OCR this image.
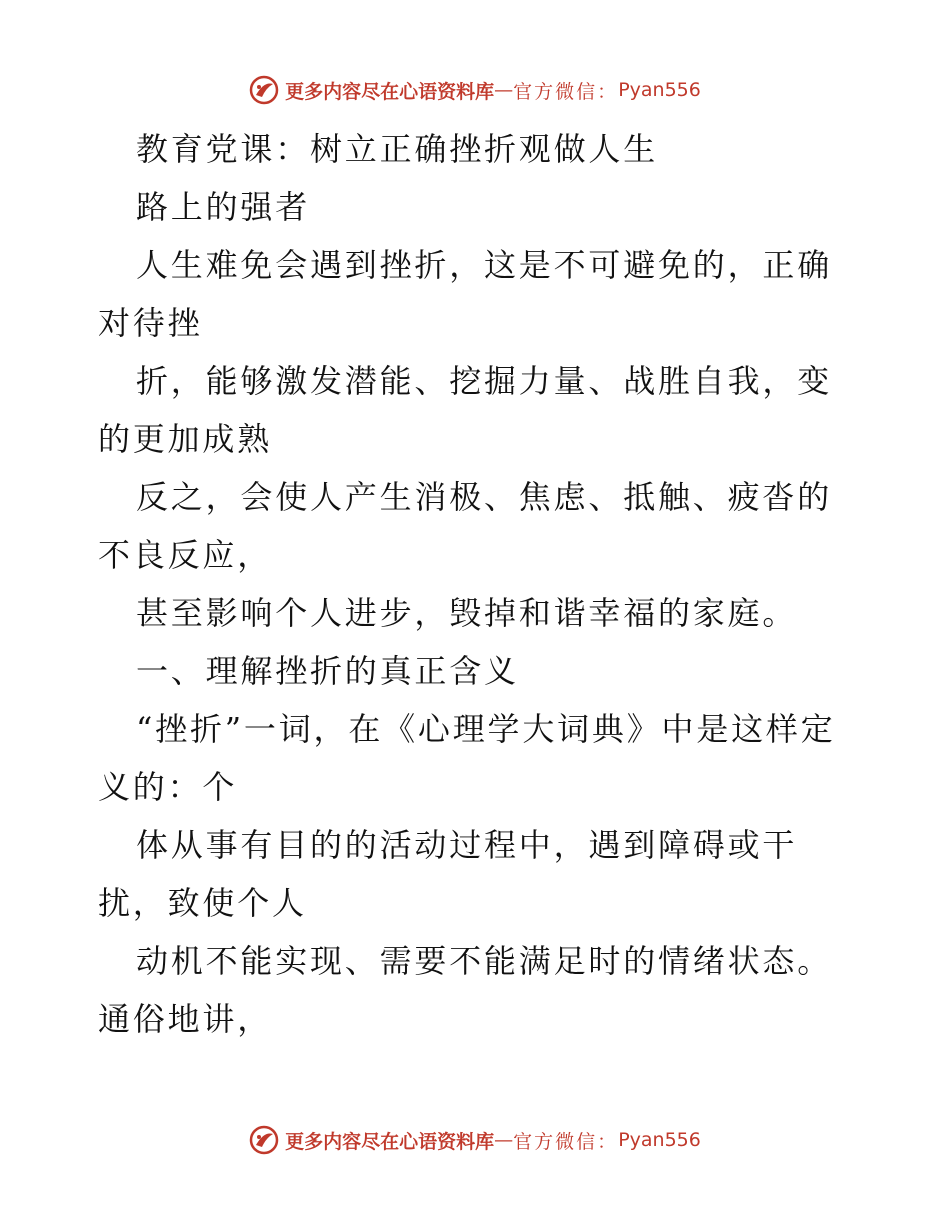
更多内容尽在心语资料库 — 官方微信： Pyan556

教育党课：树立正确挫折观做人生

路上的强者

人生难免会遇到挫折，这是不可避免的，正确对待挫

折，能够激发潜能、挖掘力量、战胜自我，变的更加成熟

反之，会使人产生消极、焦虑、抵触、疲沓的不良反应，

甚至影响个人进步，毁掉和谐幸福的家庭。

一、理解挫折的真正含义

“挫折”一词，在《心理学大词典》中是这样定义的：个

体从事有目的的活动过程中，遇到障碍或干扰，致使个人

动机不能实现、需要不能满足时的情绪状态。通俗地讲，

更多内容尽在心语资料库 — 官方微信： Pyan556
